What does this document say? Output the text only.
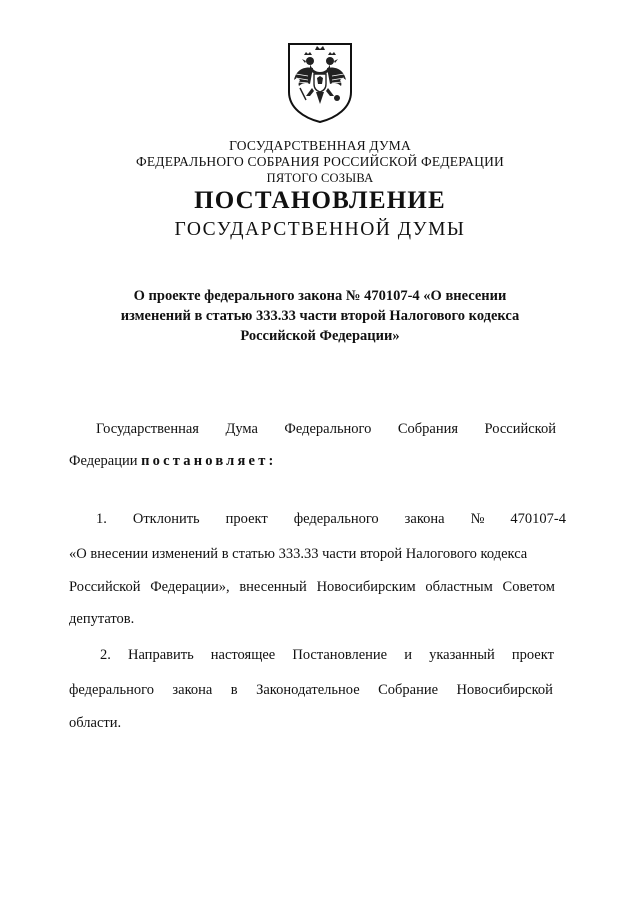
ГОСУДАРСТВЕННАЯ ДУМА
ФЕДЕРАЛЬНОГО СОБРАНИЯ РОССИЙСКОЙ ФЕДЕРАЦИИ
ПЯТОГО СОЗЫВА
ПОСТАНОВЛЕНИЕ
ГОСУДАРСТВЕННОЙ ДУМЫ
О проекте федерального закона № 470107-4 «О внесении
изменений в статью 333.33 части второй Налогового кодекса
Российской Федерации»
Государственная Дума Федерального Собрания Российской
Федерации постановляет:
1. Отклонить проект федерального закона № 470107-4
«О внесении изменений в статью 333.33 части второй Налогового кодекса
Российской Федерации», внесенный Новосибирским областным Советом
депутатов.
2. Направить настоящее Постановление и указанный проект
федерального закона в Законодательное Собрание Новосибирской
области.
